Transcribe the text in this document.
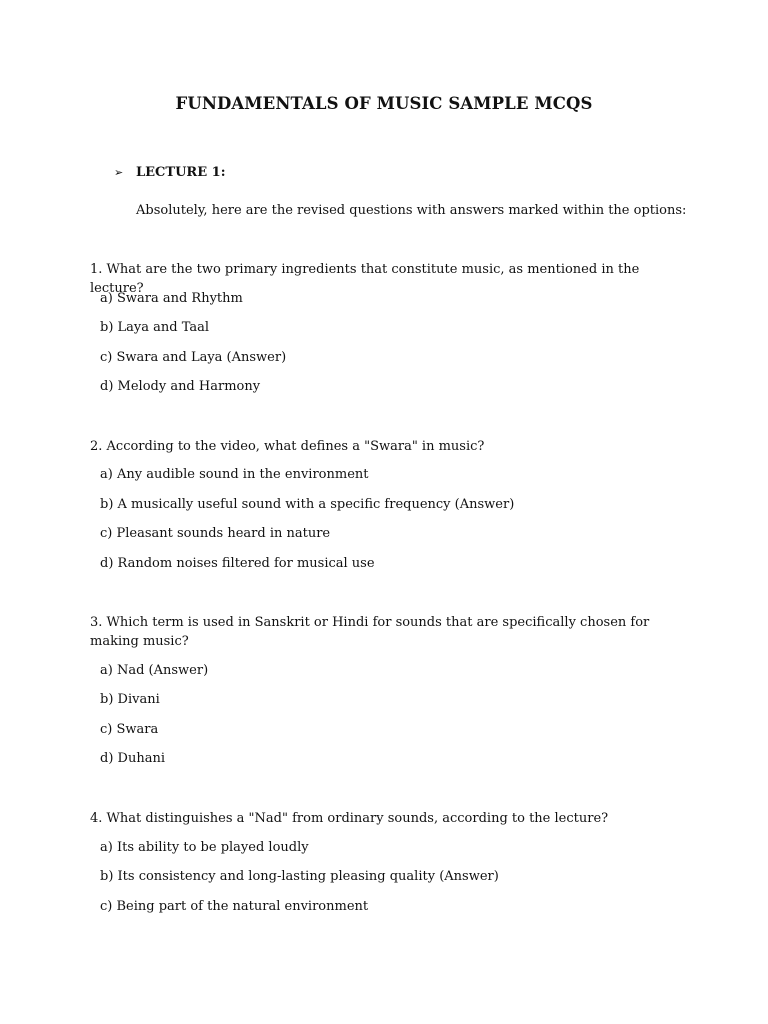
FUNDAMENTALS OF MUSIC SAMPLE MCQS
➢ LECTURE 1:
Absolutely, here are the revised questions with answers marked within the options:
1. What are the two primary ingredients that constitute music, as mentioned in the lecture?
a) Swara and Rhythm
b) Laya and Taal
c) Swara and Laya (Answer)
d) Melody and Harmony
2. According to the video, what defines a "Swara" in music?
a) Any audible sound in the environment
b) A musically useful sound with a specific frequency (Answer)
c) Pleasant sounds heard in nature
d) Random noises filtered for musical use
3. Which term is used in Sanskrit or Hindi for sounds that are specifically chosen for making music?
a) Nad (Answer)
b) Divani
c) Swara
d) Duhani
4. What distinguishes a "Nad" from ordinary sounds, according to the lecture?
a) Its ability to be played loudly
b) Its consistency and long-lasting pleasing quality (Answer)
c) Being part of the natural environment
